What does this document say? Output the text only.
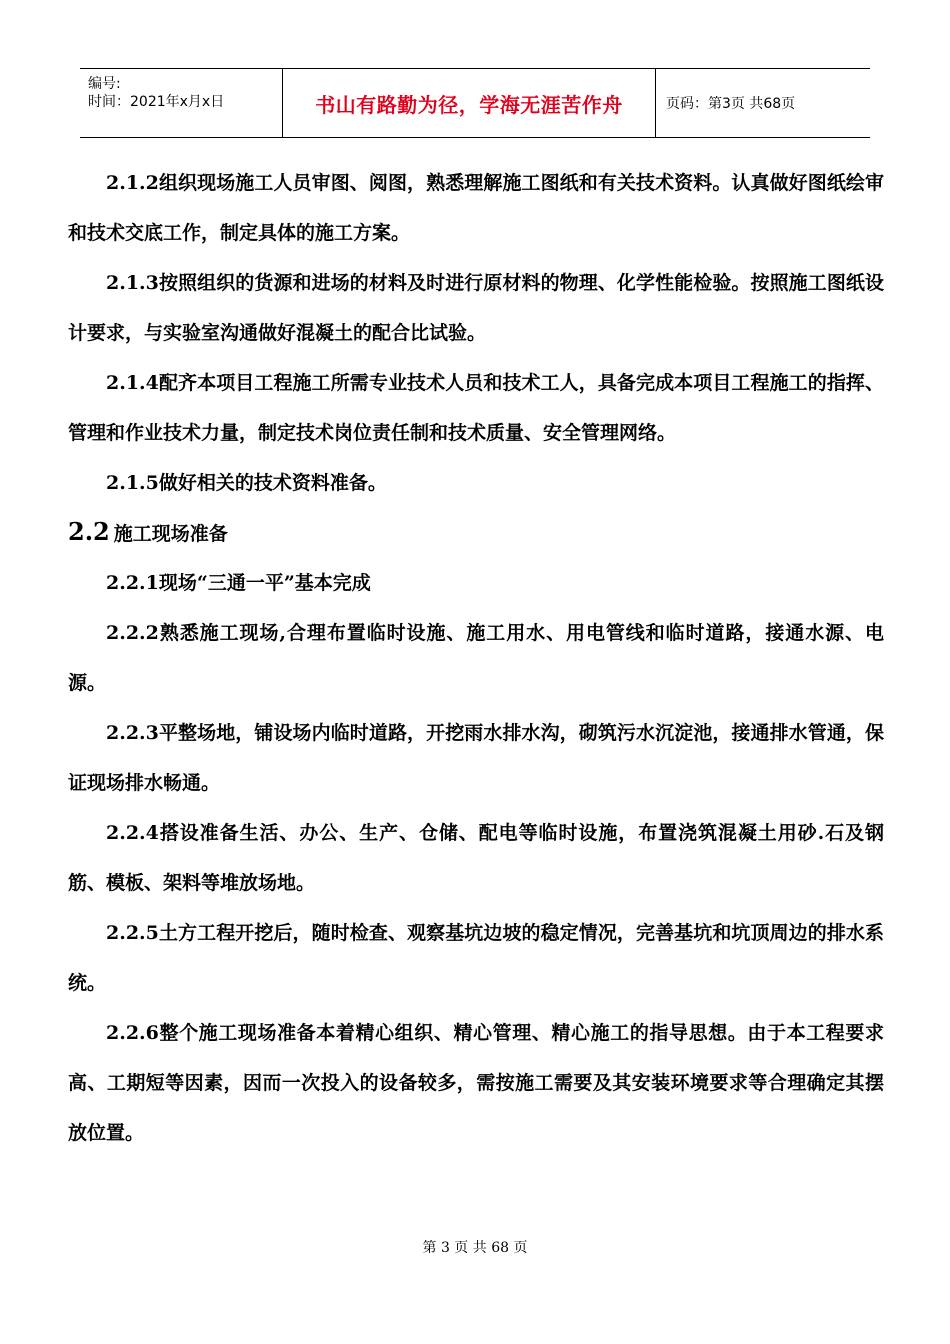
编号:
时间：2021年x月x日	书山有路勤为径，学海无涯苦作舟	页码：第3页 共68页

2.1.2组织现场施工人员审图、阅图，熟悉理解施工图纸和有关技术资料。认真做好图纸绘审和技术交底工作，制定具体的施工方案。

2.1.3按照组织的货源和进场的材料及时进行原材料的物理、化学性能检验。按照施工图纸设计要求，与实验室沟通做好混凝土的配合比试验。

2.1.4配齐本项目工程施工所需专业技术人员和技术工人，具备完成本项目工程施工的指挥、管理和作业技术力量，制定技术岗位责任制和技术质量、安全管理网络。

2.1.5做好相关的技术资料准备。

2.2 施工现场准备

2.2.1现场“三通一平”基本完成

2.2.2熟悉施工现场,合理布置临时设施、施工用水、用电管线和临时道路，接通水源、电源。

2.2.3平整场地，铺设场内临时道路，开挖雨水排水沟，砌筑污水沉淀池，接通排水管通，保证现场排水畅通。

2.2.4搭设准备生活、办公、生产、仓储、配电等临时设施，布置浇筑混凝土用砂.石及钢筋、模板、架料等堆放场地。

2.2.5土方工程开挖后，随时检查、观察基坑边坡的稳定情况，完善基坑和坑顶周边的排水系统。

2.2.6整个施工现场准备本着精心组织、精心管理、精心施工的指导思想。由于本工程要求高、工期短等因素，因而一次投入的设备较多，需按施工需要及其安装环境要求等合理确定其摆放位置。

第 3 页 共 68 页
